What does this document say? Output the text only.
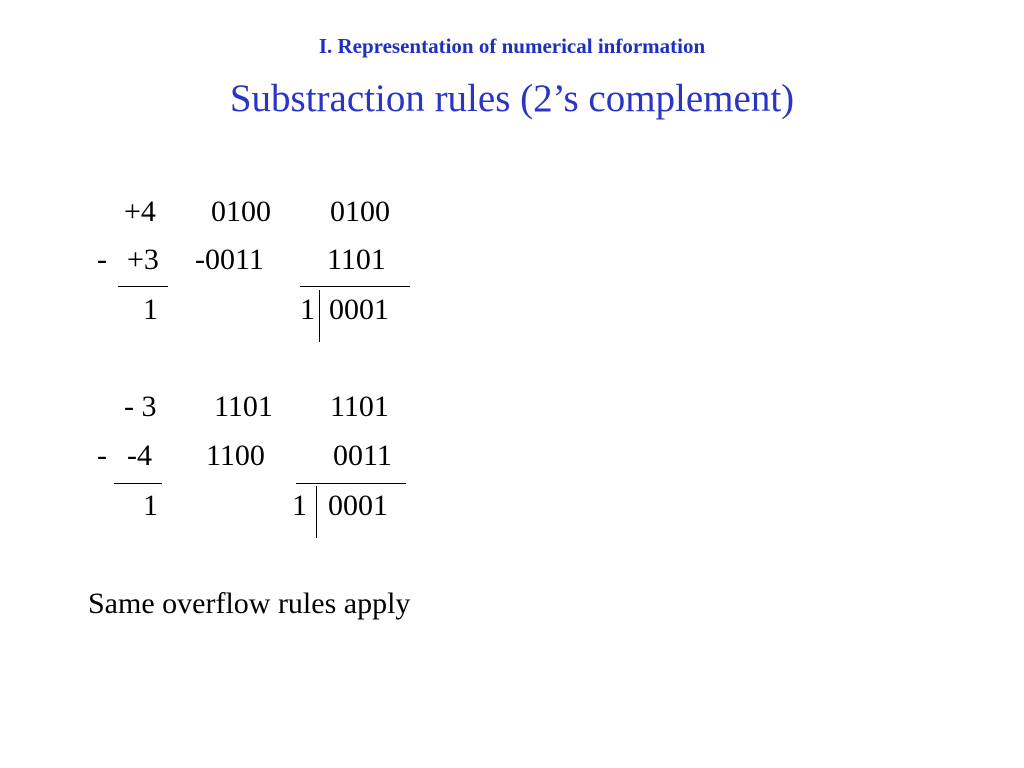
I. Representation of numerical information
Substraction rules (2’s complement)
+4 0100 0100
- +3 -0011 1101
1	1 0001
- 3 1101 1101
- -4 1100 0011
1	1 0001
Same overflow rules apply
